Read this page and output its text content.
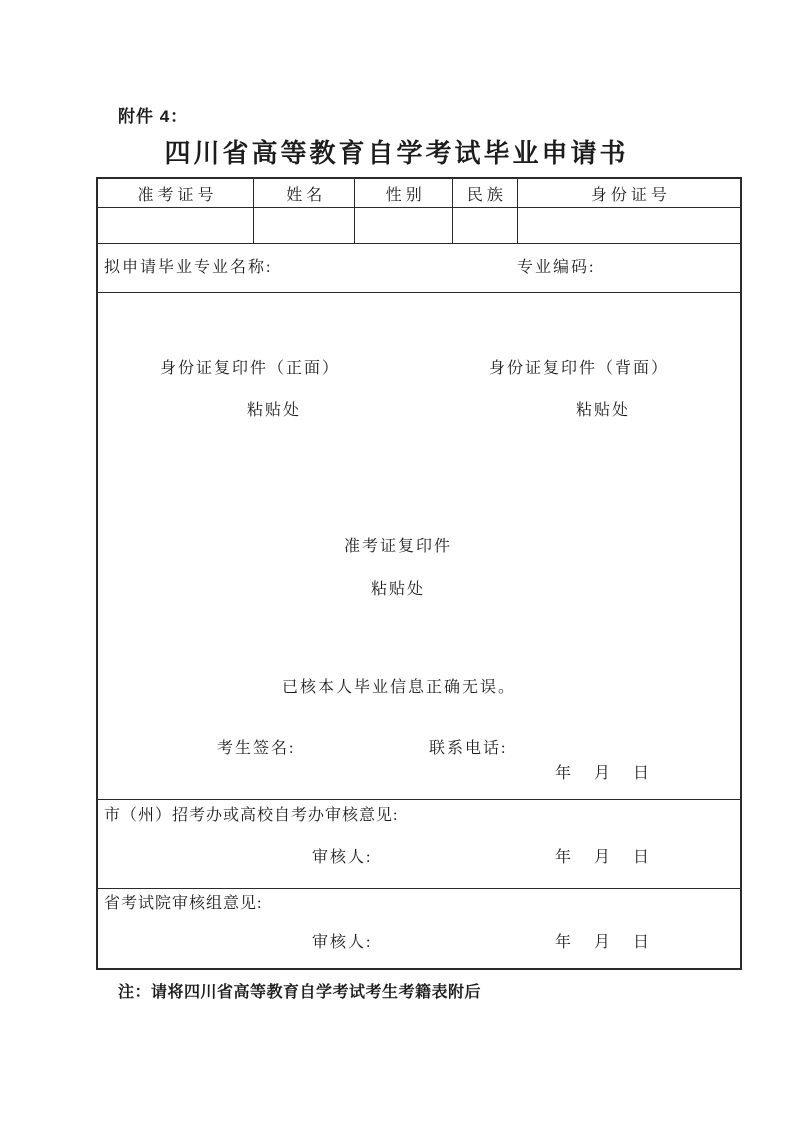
附件 4：
四川省高等教育自学考试毕业申请书
准考证号	姓名	性别	民族	身份证号
拟申请毕业专业名称:	专业编码:
身份证复印件（正面）	身份证复印件（背面）
粘贴处	粘贴处
准考证复印件
粘贴处
已核本人毕业信息正确无误。
考生签名:	联系电话:
年　 月　 日
市（州）招考办或高校自考办审核意见:
审核人:	年　 月　 日
省考试院审核组意见:
审核人:	年　 月　 日
注：请将四川省高等教育自学考试考生考籍表附后
